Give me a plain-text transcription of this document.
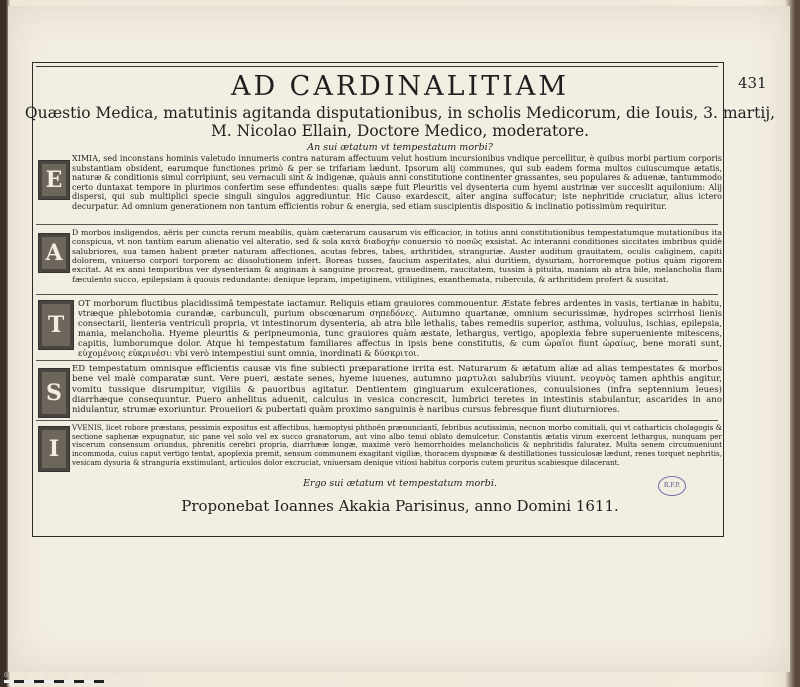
AD CARDINALITIAM	431
Quæstio Medica, matutinis agitanda disputationibus, in scholis Medicorum, die Iouis, 3. martij,
M. Nicolao Ellain, Doctore Medico, moderatore.
An sui ætatum vt tempestatum morbi?
E

XIMIA, sed inconstans hominis valetudo innumeris contra naturam affectuum velut hostium incursionibus vndique percellitur, è quibus morbi partium corporis substantiam obsident, earumque functiones primò & per se trifariam lædunt. Ipsorum alij communes, qui sub eadem forma multos cuiuscumque ætatis, naturæ & conditionis simul corripiunt, seu vernaculi sint & indigenæ, quàuis anni constitutione continenter grassantes, seu populares & aduenæ, tantummodo certo duntaxat tempore in plurimos confertim sese effundentes: qualis sæpe fuit Pleuritis vel dysenteria cum hyemi austrinæ ver succeslit aquilonium: Alij dispersi, qui sub multiplici specie singuli singulos aggrediuntur. Hic Causo exardescit, alter angina suffocatur; iste nephritide cruciatur, alius ictero decurpatur. Ad omnium generationem non tantum efficientis robur & energia, sed etiam suscipientis dispositio & inclinatio potissimùm requiritur.

A

D morbos insligendos, aëris per cuncta rerum meabilis, quàm cæterarum causarum vis efficacior, in totius anni constitutionibus tempestatumque mutationibus ita conspicua, vt non tantùm earum alienatio vel alteratio, sed & sola κατὰ διαδοχὴν conuersio τὸ ποσῶς exsistat. Ac interanni conditiones siccitates imbribus quidè salubriores, sua tamen habent præter naturam affectiones, acutas febres, tabes, arthritides, stranguriæ. Auster auditum grauitatem, oculis caliginem, capiti dolorem, vniuerso corpori torporem ac dissolutionem infert. Boreas tusses, faucium asperitates, alui duritiem, dysuriam, horroremque potius quàm rigorem excitat. At ex anni temporibus ver dysenteriam & anginam à sanguine procreat, grauedinem, raucitatem, tussim à pituita, maniam ab atra bile, melancholia flam fæculento succo, epilepsiam à quouis redundante: denique lepram, impetiginem, vitiligines, exanthemata, rubercula, & arthritidem profert & suscitat.

T

OT morborum fluctibus placidissimâ tempestate iactamur. Reliquis etiam grauiores commouentur. Æstate febres ardentes in vasis, tertianæ in habitu, vtræque phlebotomia curandæ, carbunculi, purium obscœnarum σηπεδόνες. Autumno quartanæ, omnium securissimæ, hydropes scirrhosi lienis consectarii, lienteria ventriculi propria, vt intestinorum dysenteria, ab atra bile lethalis, tabes remediis superior, asthma, voluulus, ischias, epilepsia, mania, melancholia. Hyeme pleuritis & peripneumonia, tunc grauiores quàm æstate, lethargus, vertigo, apoplexia febre superueniente mitescens, capitis, lumborumque dolor. Atque hi tempestatum familiares affectus in ipsis bene constitutis, & cum ὡραῖοι fiunt ὡραίως, bene morati sunt, εὐχομένοις εὐκρινέσι: vbi verò intempestiui sunt omnia, inordinati & δύσκριτοι.

S

ED tempestatum omnisque efficientis causæ vis fine subiecti præparatione irrita est. Naturarum & ætatum aliæ ad alias tempestates & morbos bene vel malè comparatæ sunt. Vere pueri, æstate senes, hyeme iuuenes, autumno μαρτυλαι salubriùs viuunt. νεογνὸς tamen aphthis angitur, vomitu tussique disrumpitur, vigiliis & pauoribus agitatur. Dentientem gingiuarum exulcerationes, conuulsiones (infra septennium leues) diarrhæque consequuntur. Puero anhelitus aduenit, calculus in vesica concrescit, lumbrici teretes in intestinis stabulantur, ascarides in ano nidulantur, strumæ exoriuntur. Proueiiori & pubertati quàm proximo sanguinis è naribus cursus febresque fiunt diuturniores.

I

VVENIS, licet robore præstans, pessimis expositus est affectibus, hæmoptysi phthoën prænunciantī, febribus acutissimis, necnon morbo comitiali, qui vt catharticis cholagogis & sectione saphenæ expugnatur, sic pane vel solo vel ex succo granatorum, aut vino albo tenui oblato demulcetur. Constantis ætatis virum exercent lethargus, nunquam per viscerum consensum oriundus, phrenitis cerebri propria, diarrhææ longæ, maximè verò hemorrhoides melancholicis & nephritidis faluratez. Multa senem circumueniunt incommoda, cuius caput vertigo tentat, apoplexia premit, sensum communem exagitant vigiliæ, thoracem dyspnœæ & destillationes tussiculosæ lædunt, renes torquet nephritis, vesicam dysuria & stranguria exstimulant, articulos dolor excruciat, vniuersam denique vitiosi habitus corporis cutem pruritus scabiesque dilacerant.

Ergo sui ætatum vt tempestatum morbi.
Proponebat Ioannes Akakia Parisinus, anno Domini 1611.
R.F.P.
0	1	2	3	4	5 (m)
